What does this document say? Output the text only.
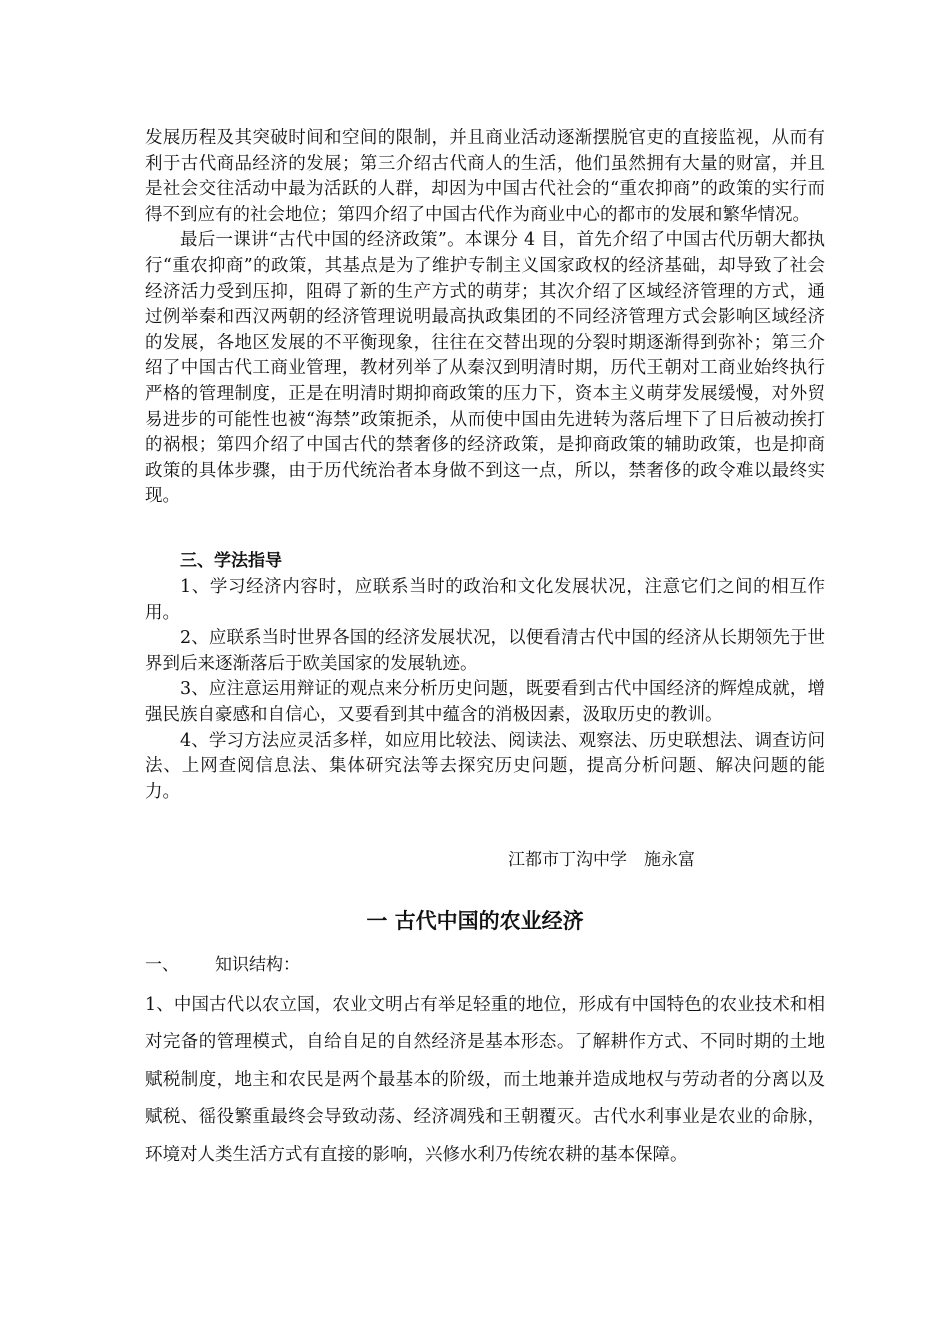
发展历程及其突破时间和空间的限制，并且商业活动逐渐摆脱官吏的直接监视，从而有利于古代商品经济的发展；第三介绍古代商人的生活，他们虽然拥有大量的财富，并且是社会交往活动中最为活跃的人群，却因为中国古代社会的“重农抑商”的政策的实行而得不到应有的社会地位；第四介绍了中国古代作为商业中心的都市的发展和繁华情况。

最后一课讲“古代中国的经济政策”。本课分 4 目，首先介绍了中国古代历朝大都执行“重农抑商”的政策，其基点是为了维护专制主义国家政权的经济基础，却导致了社会经济活力受到压抑，阻碍了新的生产方式的萌芽；其次介绍了区域经济管理的方式，通过例举秦和西汉两朝的经济管理说明最高执政集团的不同经济管理方式会影响区域经济的发展，各地区发展的不平衡现象，往往在交替出现的分裂时期逐渐得到弥补；第三介绍了中国古代工商业管理，教材列举了从秦汉到明清时期，历代王朝对工商业始终执行严格的管理制度，正是在明清时期抑商政策的压力下，资本主义萌芽发展缓慢，对外贸易进步的可能性也被“海禁”政策扼杀，从而使中国由先进转为落后埋下了日后被动挨打的祸根；第四介绍了中国古代的禁奢侈的经济政策，是抑商政策的辅助政策，也是抑商政策的具体步骤，由于历代统治者本身做不到这一点，所以，禁奢侈的政令难以最终实现。

三、学法指导

1、学习经济内容时，应联系当时的政治和文化发展状况，注意它们之间的相互作用。

2、应联系当时世界各国的经济发展状况，以便看清古代中国的经济从长期领先于世界到后来逐渐落后于欧美国家的发展轨迹。

3、应注意运用辩证的观点来分析历史问题，既要看到古代中国经济的辉煌成就，增强民族自豪感和自信心，又要看到其中蕴含的消极因素，汲取历史的教训。

4、学习方法应灵活多样，如应用比较法、阅读法、观察法、历史联想法、调查访问法、上网查阅信息法、集体研究法等去探究历史问题，提高分析问题、解决问题的能力。

江都市丁沟中学　施永富
一 古代中国的农业经济

一、 知识结构：

1、中国古代以农立国，农业文明占有举足轻重的地位，形成有中国特色的农业技术和相对完备的管理模式，自给自足的自然经济是基本形态。了解耕作方式、不同时期的土地赋税制度，地主和农民是两个最基本的阶级，而土地兼并造成地权与劳动者的分离以及赋税、徭役繁重最终会导致动荡、经济凋残和王朝覆灭。古代水利事业是农业的命脉，环境对人类生活方式有直接的影响，兴修水利乃传统农耕的基本保障。
